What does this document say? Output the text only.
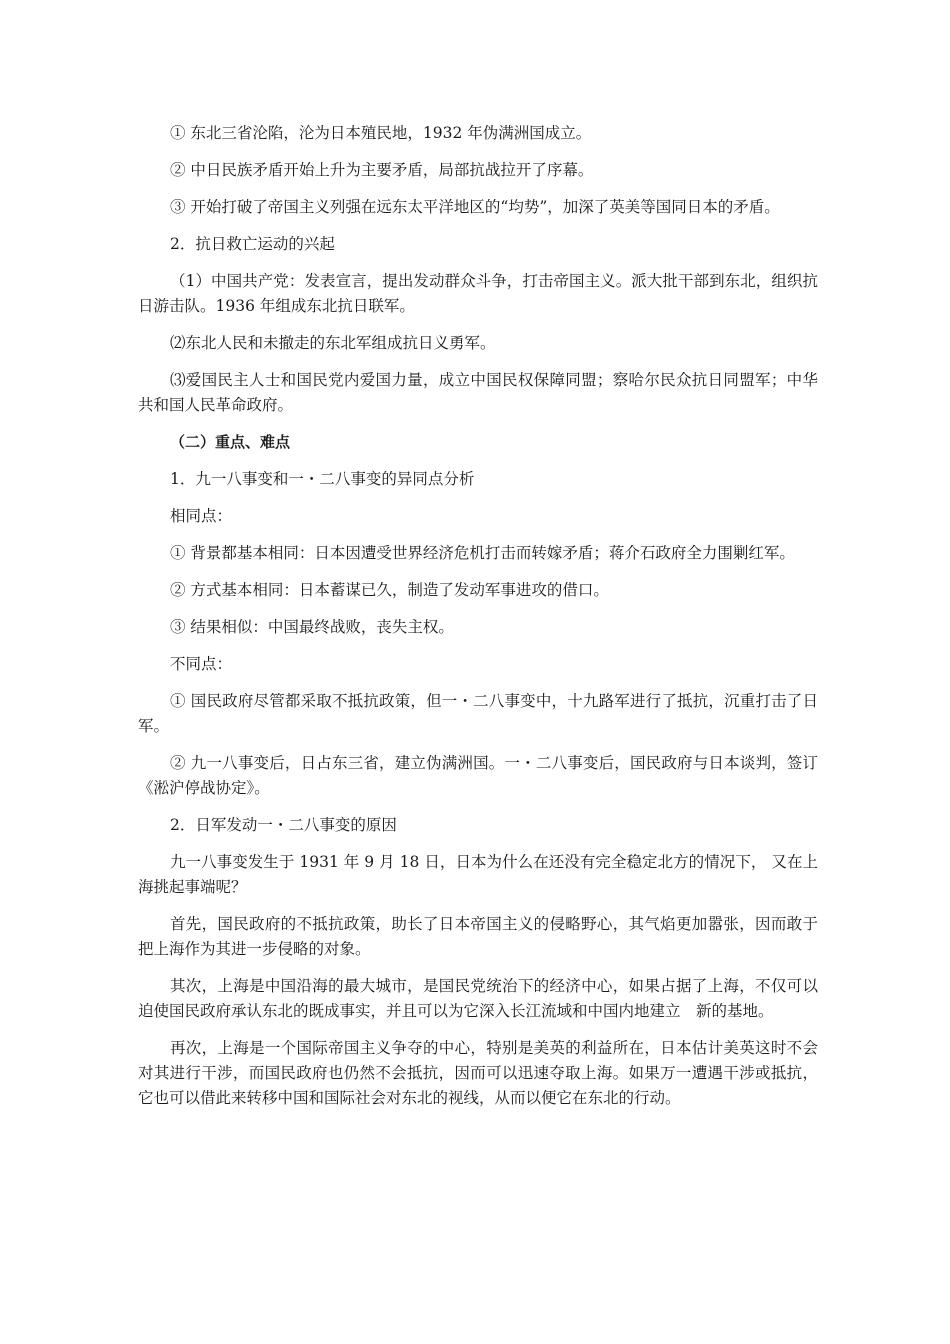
① 东北三省沦陷，沦为日本殖民地，1932 年伪满洲国成立。

② 中日民族矛盾开始上升为主要矛盾，局部抗战拉开了序幕。

③ 开始打破了帝国主义列强在远东太平洋地区的“均势”，加深了英美等国同日本的矛盾。

2．抗日救亡运动的兴起

（1）中国共产党：发表宣言，提出发动群众斗争，打击帝国主义。派大批干部到东北，组织抗日游击队。1936 年组成东北抗日联军。

⑵东北人民和未撤走的东北军组成抗日义勇军。

⑶爱国民主人士和国民党内爱国力量，成立中国民权保障同盟；察哈尔民众抗日同盟军；中华共和国人民革命政府。

（二）重点、难点

1．九一八事变和一・二八事变的异同点分析

相同点：

① 背景都基本相同：日本因遭受世界经济危机打击而转嫁矛盾；蒋介石政府全力围剿红军。

② 方式基本相同：日本蓄谋已久，制造了发动军事进攻的借口。

③ 结果相似：中国最终战败，丧失主权。

不同点：

① 国民政府尽管都采取不抵抗政策，但一・二八事变中，十九路军进行了抵抗，沉重打击了日军。

② 九一八事变后，日占东三省，建立伪满洲国。一・二八事变后，国民政府与日本谈判，签订《淞沪停战协定》。

2．日军发动一・二八事变的原因

九一八事变发生于 1931 年 9 月 18 日，日本为什么在还没有完全稳定北方的情况下， 又在上海挑起事端呢？

首先，国民政府的不抵抗政策，助长了日本帝国主义的侵略野心，其气焰更加嚣张，因而敢于把上海作为其进一步侵略的对象。

其次，上海是中国沿海的最大城市，是国民党统治下的经济中心，如果占据了上海，不仅可以迫使国民政府承认东北的既成事实，并且可以为它深入长江流域和中国内地建立　新的基地。

再次，上海是一个国际帝国主义争夺的中心，特别是美英的利益所在，日本估计美英这时不会对其进行干涉，而国民政府也仍然不会抵抗，因而可以迅速夺取上海。如果万一遭遇干涉或抵抗，它也可以借此来转移中国和国际社会对东北的视线，从而以便它在东北的行动。
